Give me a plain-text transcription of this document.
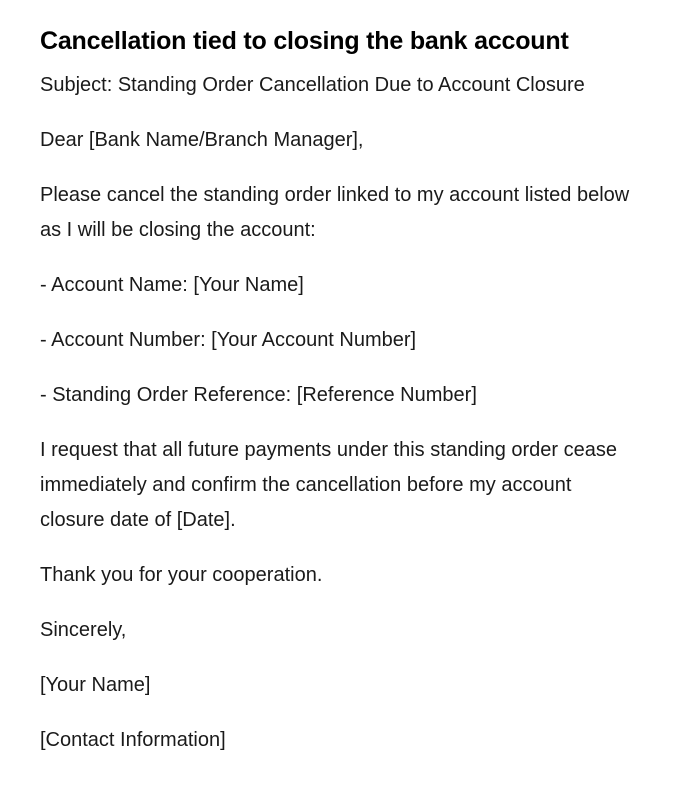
Cancellation tied to closing the bank account

Subject: Standing Order Cancellation Due to Account Closure

Dear [Bank Name/Branch Manager],

Please cancel the standing order linked to my account listed below as I will be closing the account:

- Account Name: [Your Name]

- Account Number: [Your Account Number]

- Standing Order Reference: [Reference Number]

I request that all future payments under this standing order cease immediately and confirm the cancellation before my account closure date of [Date].

Thank you for your cooperation.

Sincerely,

[Your Name]

[Contact Information]
